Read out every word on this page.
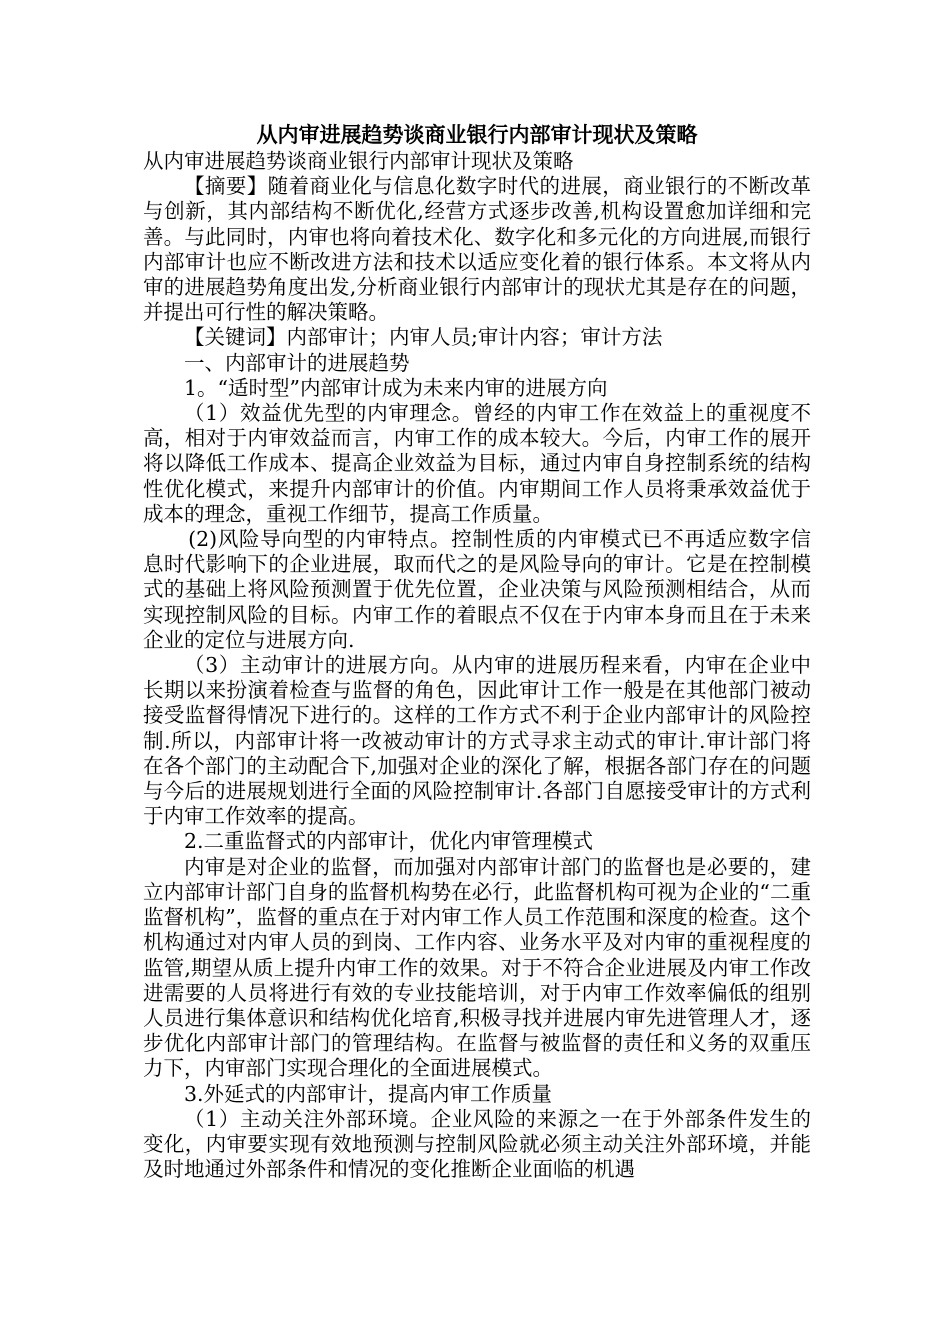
从内审进展趋势谈商业银行内部审计现状及策略

从内审进展趋势谈商业银行内部审计现状及策略

【摘要】随着商业化与信息化数字时代的进展，商业银行的不断改革与创新，其内部结构不断优化,经营方式逐步改善,机构设置愈加详细和完善。与此同时，内审也将向着技术化、数字化和多元化的方向进展,而银行内部审计也应不断改进方法和技术以适应变化着的银行体系。本文将从内审的进展趋势角度出发,分析商业银行内部审计的现状尤其是存在的问题，并提出可行性的解决策略。

【关键词】内部审计；内审人员;审计内容；审计方法

一、内部审计的进展趋势

1。“适时型”内部审计成为未来内审的进展方向

（1）效益优先型的内审理念。曾经的内审工作在效益上的重视度不高，相对于内审效益而言，内审工作的成本较大。今后，内审工作的展开将以降低工作成本、提高企业效益为目标，通过内审自身控制系统的结构性优化模式，来提升内部审计的价值。内审期间工作人员将秉承效益优于成本的理念，重视工作细节，提高工作质量。

(2)风险导向型的内审特点。控制性质的内审模式已不再适应数字信息时代影响下的企业进展，取而代之的是风险导向的审计。它是在控制模式的基础上将风险预测置于优先位置，企业决策与风险预测相结合，从而实现控制风险的目标。内审工作的着眼点不仅在于内审本身而且在于未来企业的定位与进展方向.

（3）主动审计的进展方向。从内审的进展历程来看，内审在企业中长期以来扮演着检查与监督的角色，因此审计工作一般是在其他部门被动接受监督得情况下进行的。这样的工作方式不利于企业内部审计的风险控制.所以，内部审计将一改被动审计的方式寻求主动式的审计.审计部门将在各个部门的主动配合下,加强对企业的深化了解，根据各部门存在的问题与今后的进展规划进行全面的风险控制审计.各部门自愿接受审计的方式利于内审工作效率的提高。

2.二重监督式的内部审计，优化内审管理模式

内审是对企业的监督，而加强对内部审计部门的监督也是必要的，建立内部审计部门自身的监督机构势在必行，此监督机构可视为企业的“二重监督机构”，监督的重点在于对内审工作人员工作范围和深度的检查。这个机构通过对内审人员的到岗、工作内容、业务水平及对内审的重视程度的监管,期望从质上提升内审工作的效果。对于不符合企业进展及内审工作改进需要的人员将进行有效的专业技能培训，对于内审工作效率偏低的组别人员进行集体意识和结构优化培育,积极寻找并进展内审先进管理人才，逐步优化内部审计部门的管理结构。在监督与被监督的责任和义务的双重压力下，内审部门实现合理化的全面进展模式。

3.外延式的内部审计，提高内审工作质量

（1）主动关注外部环境。企业风险的来源之一在于外部条件发生的变化，内审要实现有效地预测与控制风险就必须主动关注外部环境，并能及时地通过外部条件和情况的变化推断企业面临的机遇
